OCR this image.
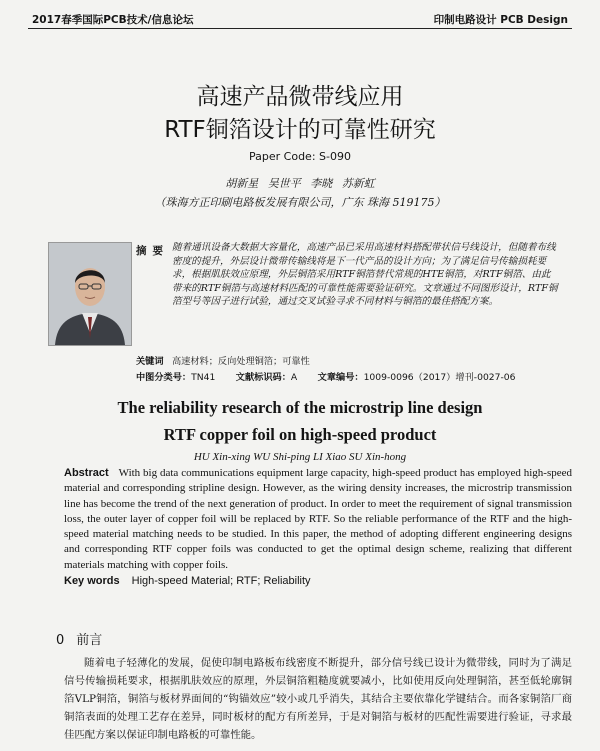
2017春季国际PCB技术/信息论坛	印制电路设计 PCB Design
高速产品微带线应用
RTF铜箔设计的可靠性研究
Paper Code: S-090
胡新星 吴世平 李晓 苏新虹
（珠海方正印刷电路板发展有限公司，广东 珠海 519175）
摘要 随着通讯设备大数据大容量化，高速产品已采用高速材料搭配带状信号线设计，但随着布线密度的提升，外层设计微带传输线将是下一代产品的设计方向；为了满足信号传输损耗要求，根据肌肤效应原理，外层铜箔采用RTF铜箔替代常规的HTE铜箔，对RTF铜箔、由此带来的RTF铜箔与高速材料匹配的可靠性能需要验证研究。文章通过不同图形设计，RTF铜箔型号等因子进行试验，通过交叉试验寻求不同材料与铜箔的最佳搭配方案。
关键词 高速材料；反向处理铜箔；可靠性
中图分类号：TN41 文献标识码：A 文章编号：1009-0096（2017）增刊-0027-06
The reliability research of the microstrip line design
RTF copper foil on high-speed product
HU Xin-xing WU Shi-ping LI Xiao SU Xin-hong
Abstract With big data communications equipment large capacity, high-speed product has employed high-speed material and corresponding stripline design. However, as the wiring density increases, the microstrip transmission line has become the trend of the next generation of product. In order to meet the requirement of signal transmission loss, the outer layer of copper foil will be replaced by RTF. So the reliable performance of the RTF and the high-speed material matching needs to be studied. In this paper, the method of adopting different engineering designs and corresponding RTF copper foils was conducted to get the optimal design scheme, realizing that different materials matching with copper foils.
Key words High-speed Material; RTF; Reliability
0 前言
随着电子轻薄化的发展，促使印制电路板布线密度不断提升，部分信号线已设计为微带线，同时为了满足信号传输损耗要求，根据肌肤效应的原理，外层铜箔粗糙度就要减小，比如使用反向处理铜箔，甚至低轮廓铜箔VLP铜箔，铜箔与板材界面间的“钩锚效应”较小或几乎消失，其结合主要依靠化学键结合。而各家铜箔厂商铜箔表面的处理工艺存在差异，同时板材的配方有所差异，于是对铜箔与板材的匹配性需要进行验证，寻求最佳匹配方案以保证印制电路板的可靠性能。
